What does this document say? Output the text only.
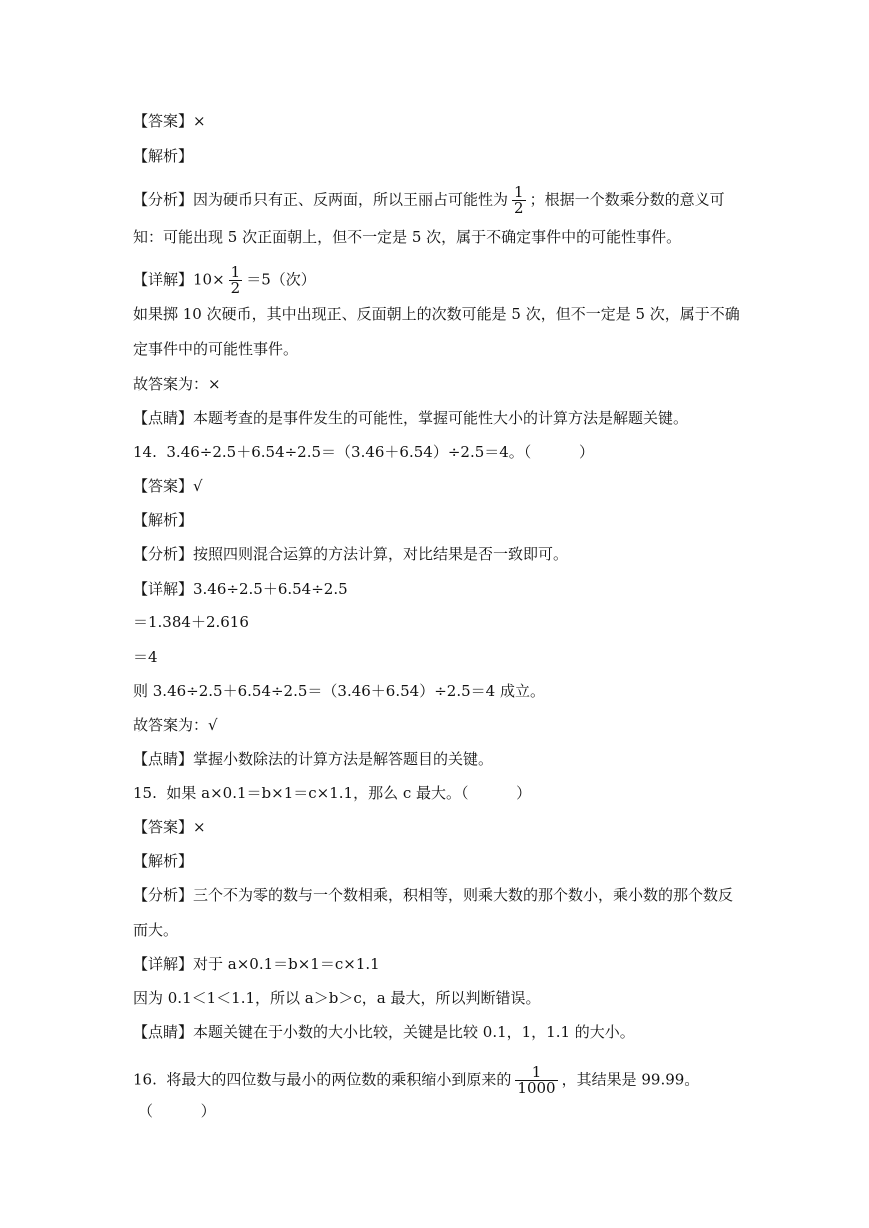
【答案】×
【解析】
【分析】因为硬币只有正、反两面，所以王丽占可能性为 $\frac{1}{2}$ ；根据一个数乘分数的意义可
知：可能出现 5 次正面朝上，但不一定是 5 次，属于不确定事件中的可能性事件。
【详解】$10\times \frac{1}{2} =5$（次）
如果掷 10 次硬币，其中出现正、反面朝上的次数可能是 5 次，但不一定是 5 次，属于不确
定事件中的可能性事件。
故答案为：×
【点睛】本题考查的是事件发生的可能性，掌握可能性大小的计算方法是解题关键。
14.  3.46÷2.5＋6.54÷2.5＝（3.46＋6.54）÷2.5＝4。（          ）
【答案】√
【解析】
【分析】按照四则混合运算的方法计算，对比结果是否一致即可。
【详解】3.46÷2.5＋6.54÷2.5
＝1.384＋2.616
＝4
则 3.46÷2.5＋6.54÷2.5＝（3.46＋6.54）÷2.5＝4 成立。
故答案为：√
【点睛】掌握小数除法的计算方法是解答题目的关键。
15.  如果 a×0.1＝b×1＝c×1.1，那么 c 最大。（          ）
【答案】×
【解析】
【分析】三个不为零的数与一个数相乘，积相等，则乘大数的那个数小，乘小数的那个数反
而大。
【详解】对于 a×0.1＝b×1＝c×1.1
因为 0.1＜1＜1.1，所以 a＞b＞c，a 最大，所以判断错误。
【点睛】本题关键在于小数的大小比较，关键是比较 0.1，1，1.1 的大小。
16.  将最大的四位数与最小的两位数的乘积缩小到原来的 $\frac{1}{1000}$ ，其结果是 99.99。
（          ）
